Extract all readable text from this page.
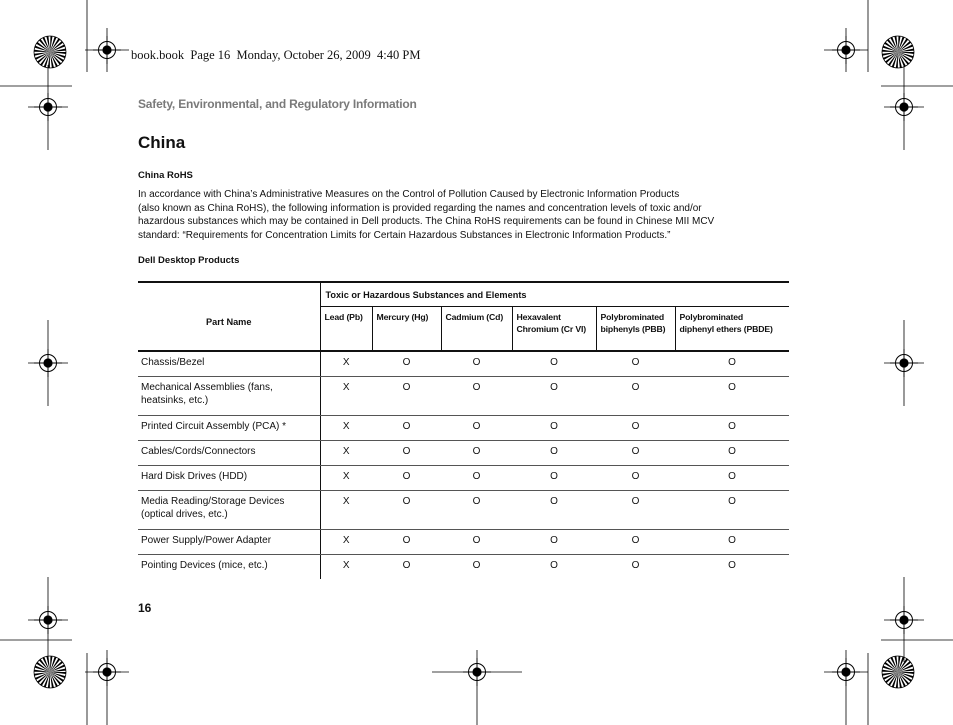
book.book  Page 16  Monday, October 26, 2009  4:40 PM
Safety, Environmental, and Regulatory Information
China
China RoHS
In accordance with China’s Administrative Measures on the Control of Pollution Caused by Electronic Information Products
(also known as China RoHS), the following information is provided regarding the names and concentration levels of toxic and/or
hazardous substances which may be contained in Dell products. The China RoHS requirements can be found in Chinese MII MCV
standard: “Requirements for Concentration Limits for Certain Hazardous Substances in Electronic Information Products.”
Dell Desktop Products
Part Name	Toxic or Hazardous Substances and Elements					

	Lead (Pb)	Mercury (Hg)	Cadmium (Cd)	Hexavalent
Chromium (Cr VI)	Polybrominated
biphenyls (PBB)	Polybrominated
diphenyl ethers (PBDE)

Chassis/Bezel	X	O	O	O	O	O

Mechanical Assemblies (fans,
heatsinks, etc.)	X	O	O	O	O	O

Printed Circuit Assembly (PCA) *	X	O	O	O	O	O

Cables/Cords/Connectors	X	O	O	O	O	O

Hard Disk Drives (HDD)	X	O	O	O	O	O

Media Reading/Storage Devices
(optical drives, etc.)	X	O	O	O	O	O

Power Supply/Power Adapter	X	O	O	O	O	O

Pointing Devices (mice, etc.)	X	O	O	O	O	O
16
